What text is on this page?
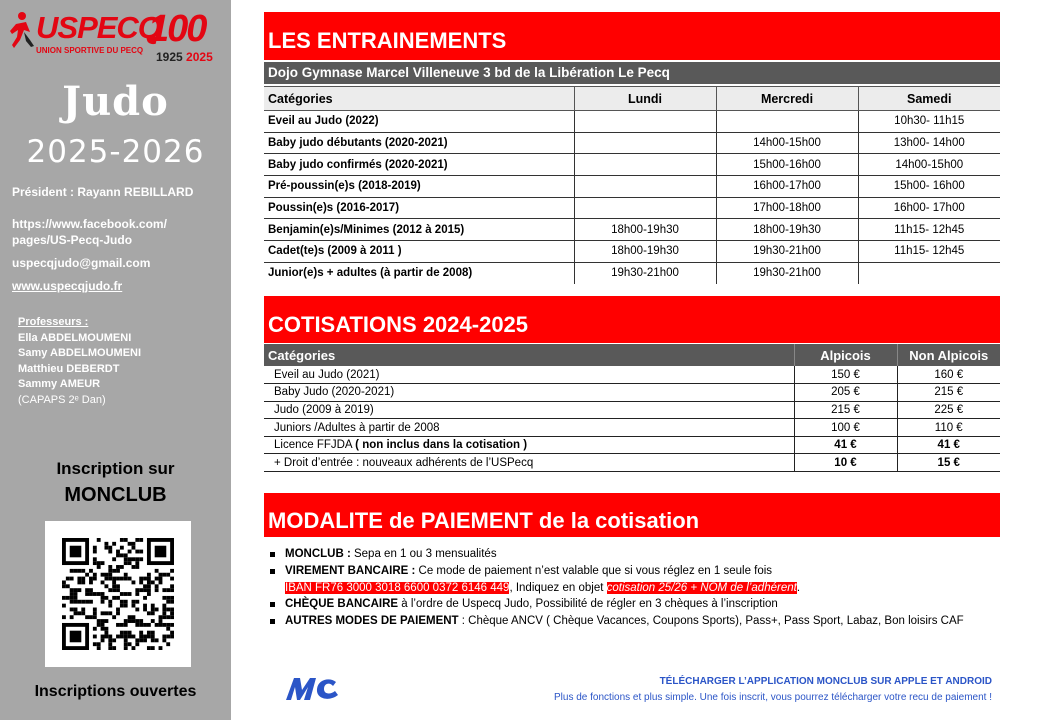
USPECQ
UNION SPORTIVE DU PECQ
100
1925 2025
Judo
2025-2026
Président : Rayann REBILLARD
https://www.facebook.com/
pages/US-Pecq-Judo
uspecqjudo@gmail.com
www.uspecqjudo.fr
Professeurs :
Ella ABDELMOUMENI
Samy ABDELMOUMENI
Matthieu DEBERDT
Sammy AMEUR
(CAPAPS 2ᵉ Dan)
Inscription sur
MONCLUB
Inscriptions ouvertes
LES ENTRAINEMENTS
Dojo Gymnase Marcel Villeneuve 3 bd de la Libération Le Pecq
Catégories	Lundi	Mercredi	Samedi
Eveil au Judo (2022)			10h30- 11h15
Baby judo débutants (2020-2021)		14h00-15h00	13h00- 14h00
Baby judo confirmés (2020-2021)		15h00-16h00	14h00-15h00
Pré-poussin(e)s (2018-2019)		16h00-17h00	15h00- 16h00
Poussin(e)s (2016-2017)		17h00-18h00	16h00- 17h00
Benjamin(e)s/Minimes (2012 à 2015)	18h00-19h30	18h00-19h30	11h15- 12h45
Cadet(te)s (2009 à 2011 )	18h00-19h30	19h30-21h00	11h15- 12h45
Junior(e)s + adultes (à partir de 2008)	19h30-21h00	19h30-21h00	
COTISATIONS 2024-2025
Catégories	Alpicois	Non Alpicois
Eveil au Judo (2021)	150 €	160 €
Baby Judo (2020-2021)	205 €	215 €
Judo (2009 à 2019)	215 €	225 €
Juniors /Adultes à partir de 2008	100 €	110 €
Licence FFJDA ( non inclus dans la cotisation )	41 €	41 €
+ Droit d’entrée : nouveaux adhérents de l’USPecq	10 €	15 €
MODALITE de PAIEMENT de la cotisation
MONCLUB : Sepa en 1 ou 3 mensualités
VIREMENT BANCAIRE : Ce mode de paiement n’est valable que si vous réglez en 1 seule fois
IBAN FR76 3000 3018 6600 0372 6146 449, Indiquez en objet cotisation 25/26 + NOM de l’adhérent.
CHÈQUE BANCAIRE à l’ordre de Uspecq Judo, Possibilité de régler en 3 chèques à l’inscription
AUTRES MODES DE PAIEMENT : Chèque ANCV ( Chèque Vacances, Coupons Sports), Pass+, Pass Sport, Labaz, Bon loisirs CAF
TÉLÉCHARGER L’APPLICATION MONCLUB SUR APPLE ET ANDROID
Plus de fonctions et plus simple. Une fois inscrit, vous pourrez télécharger votre recu de paiement !
